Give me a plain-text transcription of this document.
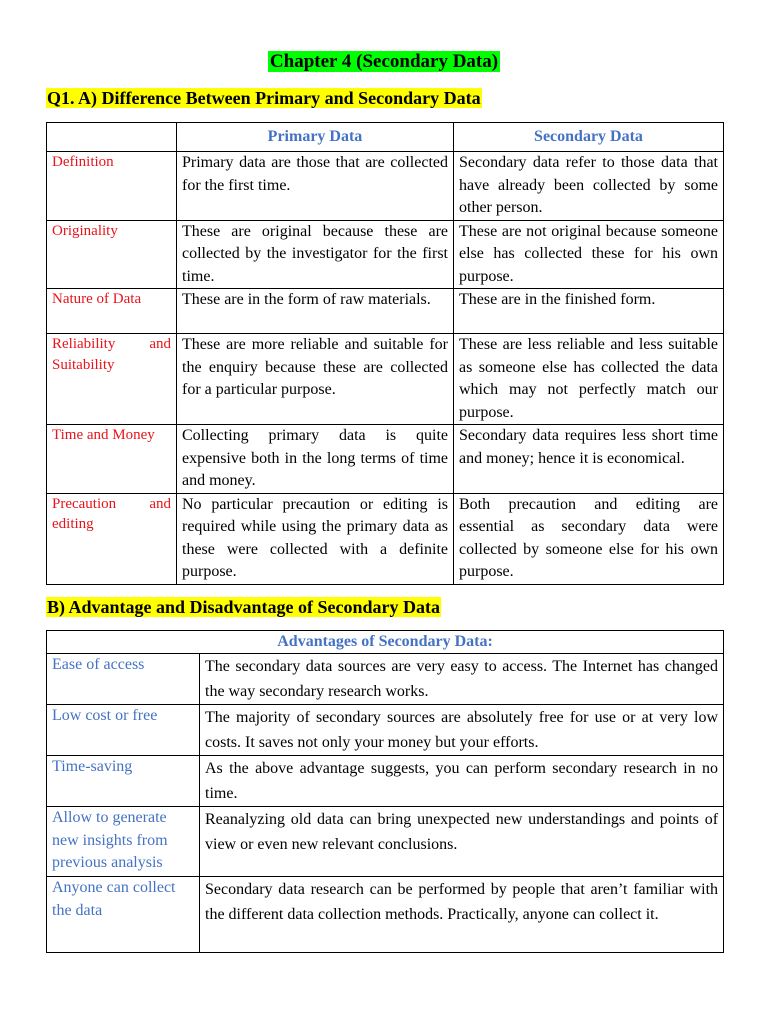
Chapter 4 (Secondary Data)
Q1. A) Difference Between Primary and Secondary Data
	Primary Data	Secondary Data
Definition	Primary data are those that are collected for the first time.	Secondary data refer to those data that have already been collected by some other person.
Originality	These are original because these are collected by the investigator for the first time.	These are not original because someone else has collected these for his own purpose.
Nature of Data	These are in the form of raw materials.	These are in the finished form.
Reliability and Suitability	These are more reliable and suitable for the enquiry because these are collected for a particular purpose.	These are less reliable and less suitable as someone else has collected the data which may not perfectly match our purpose.
Time and Money	Collecting primary data is quite expensive both in the long terms of time and money.	Secondary data requires less short time and money; hence it is economical.
Precaution and editing	No particular precaution or editing is required while using the primary data as these were collected with a definite purpose.	Both precaution and editing are essential as secondary data were collected by someone else for his own purpose.
B) Advantage and Disadvantage of Secondary Data
Advantages of Secondary Data:	
Ease of access	The secondary data sources are very easy to access. The Internet has changed the way secondary research works.
Low cost or free	The majority of secondary sources are absolutely free for use or at very low costs. It saves not only your money but your efforts.
Time-saving	As the above advantage suggests, you can perform secondary research in no time.
Allow to generate new insights from previous analysis	Reanalyzing old data can bring unexpected new understandings and points of view or even new relevant conclusions.
Anyone can collect the data	Secondary data research can be performed by people that aren’t familiar with the different data collection methods. Practically, anyone can collect it.
